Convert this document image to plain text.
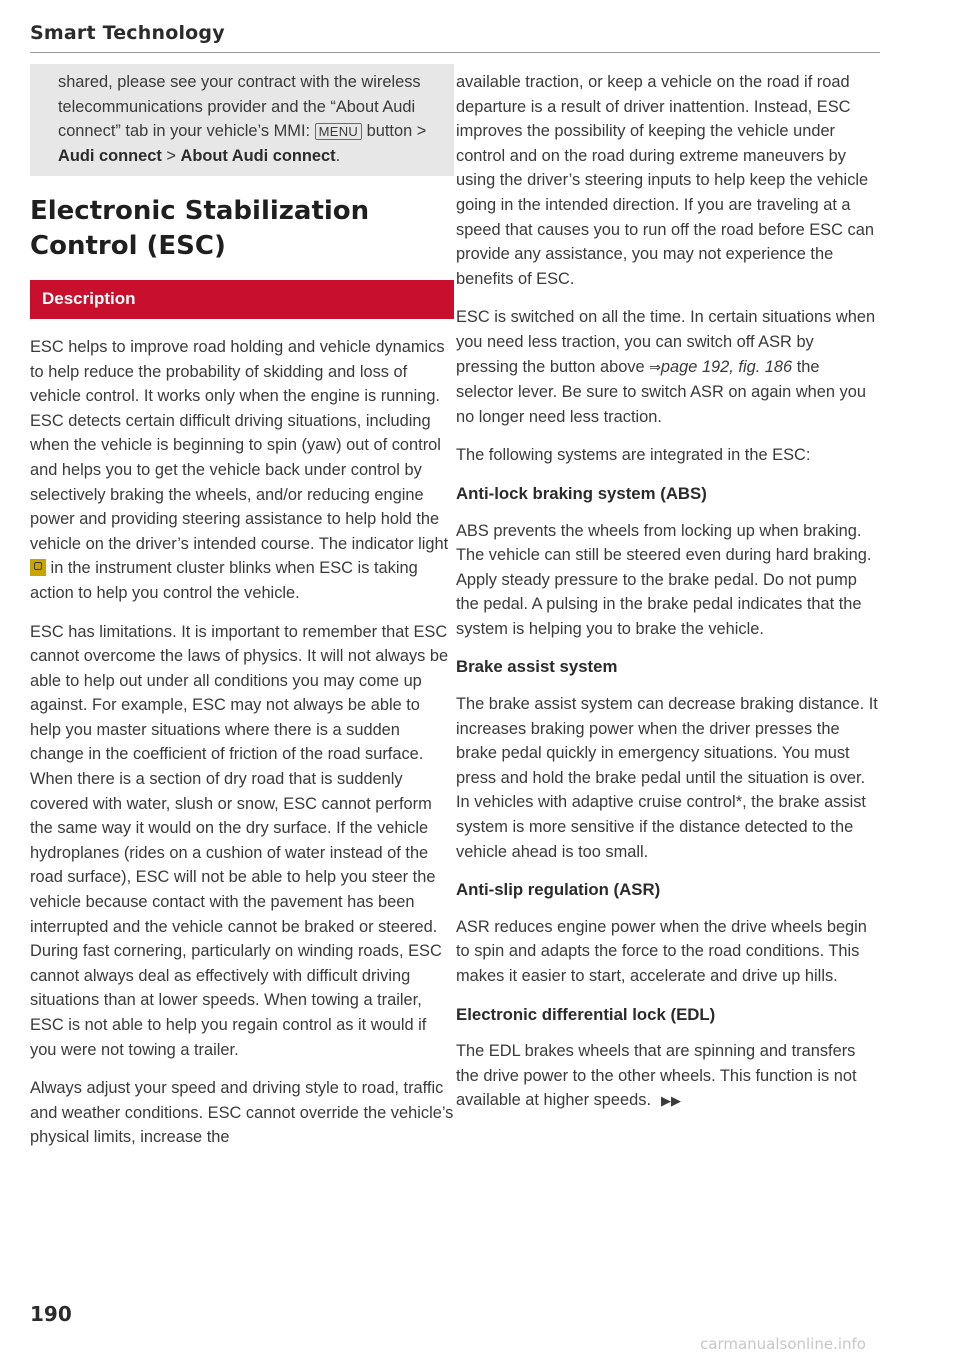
Smart Technology

shared, please see your contract with the wireless telecommunications provider and the “About Audi connect” tab in your vehicle’s MMI: MENU button > Audi connect > About Audi connect.

Electronic Stabilization Control (ESC)
Description

ESC helps to improve road holding and vehicle dynamics to help reduce the probability of skidding and loss of vehicle control. It works only when the engine is running. ESC detects certain difficult driving situations, including when the vehicle is beginning to spin (yaw) out of control and helps you to get the vehicle back under control by selectively braking the wheels, and/or reducing engine power and providing steering assistance to help hold the vehicle on the driver’s intended course. The indicator light  in the instrument cluster blinks when ESC is taking action to help you control the vehicle.

ESC has limitations. It is important to remember that ESC cannot overcome the laws of physics. It will not always be able to help out under all conditions you may come up against. For example, ESC may not always be able to help you master situations where there is a sudden change in the coefficient of friction of the road surface. When there is a section of dry road that is suddenly covered with water, slush or snow, ESC cannot perform the same way it would on the dry surface. If the vehicle hydroplanes (rides on a cushion of water instead of the road surface), ESC will not be able to help you steer the vehicle because contact with the pavement has been interrupted and the vehicle cannot be braked or steered. During fast cornering, particularly on winding roads, ESC cannot always deal as effectively with difficult driving situations than at lower speeds. When towing a trailer, ESC is not able to help you regain control as it would if you were not towing a trailer.

Always adjust your speed and driving style to road, traffic and weather conditions. ESC cannot override the vehicle’s physical limits, increase the

available traction, or keep a vehicle on the road if road departure is a result of driver inattention. Instead, ESC improves the possibility of keeping the vehicle under control and on the road during extreme maneuvers by using the driver’s steering inputs to help keep the vehicle going in the intended direction. If you are traveling at a speed that causes you to run off the road before ESC can provide any assistance, you may not experience the benefits of ESC.

ESC is switched on all the time. In certain situations when you need less traction, you can switch off ASR by pressing the button above ⇒page 192, fig. 186 the selector lever. Be sure to switch ASR on again when you no longer need less traction.

The following systems are integrated in the ESC:

Anti-lock braking system (ABS)

ABS prevents the wheels from locking up when braking. The vehicle can still be steered even during hard braking. Apply steady pressure to the brake pedal. Do not pump the pedal. A pulsing in the brake pedal indicates that the system is helping you to brake the vehicle.

Brake assist system

The brake assist system can decrease braking distance. It increases braking power when the driver presses the brake pedal quickly in emergency situations. You must press and hold the brake pedal until the situation is over. In vehicles with adaptive cruise control*, the brake assist system is more sensitive if the distance detected to the vehicle ahead is too small.

Anti-slip regulation (ASR)

ASR reduces engine power when the drive wheels begin to spin and adapts the force to the road conditions. This makes it easier to start, accelerate and drive up hills.

Electronic differential lock (EDL)

The EDL brakes wheels that are spinning and transfers the drive power to the other wheels. This function is not available at higher speeds. ▶▶

190
carmanualsonline.info
